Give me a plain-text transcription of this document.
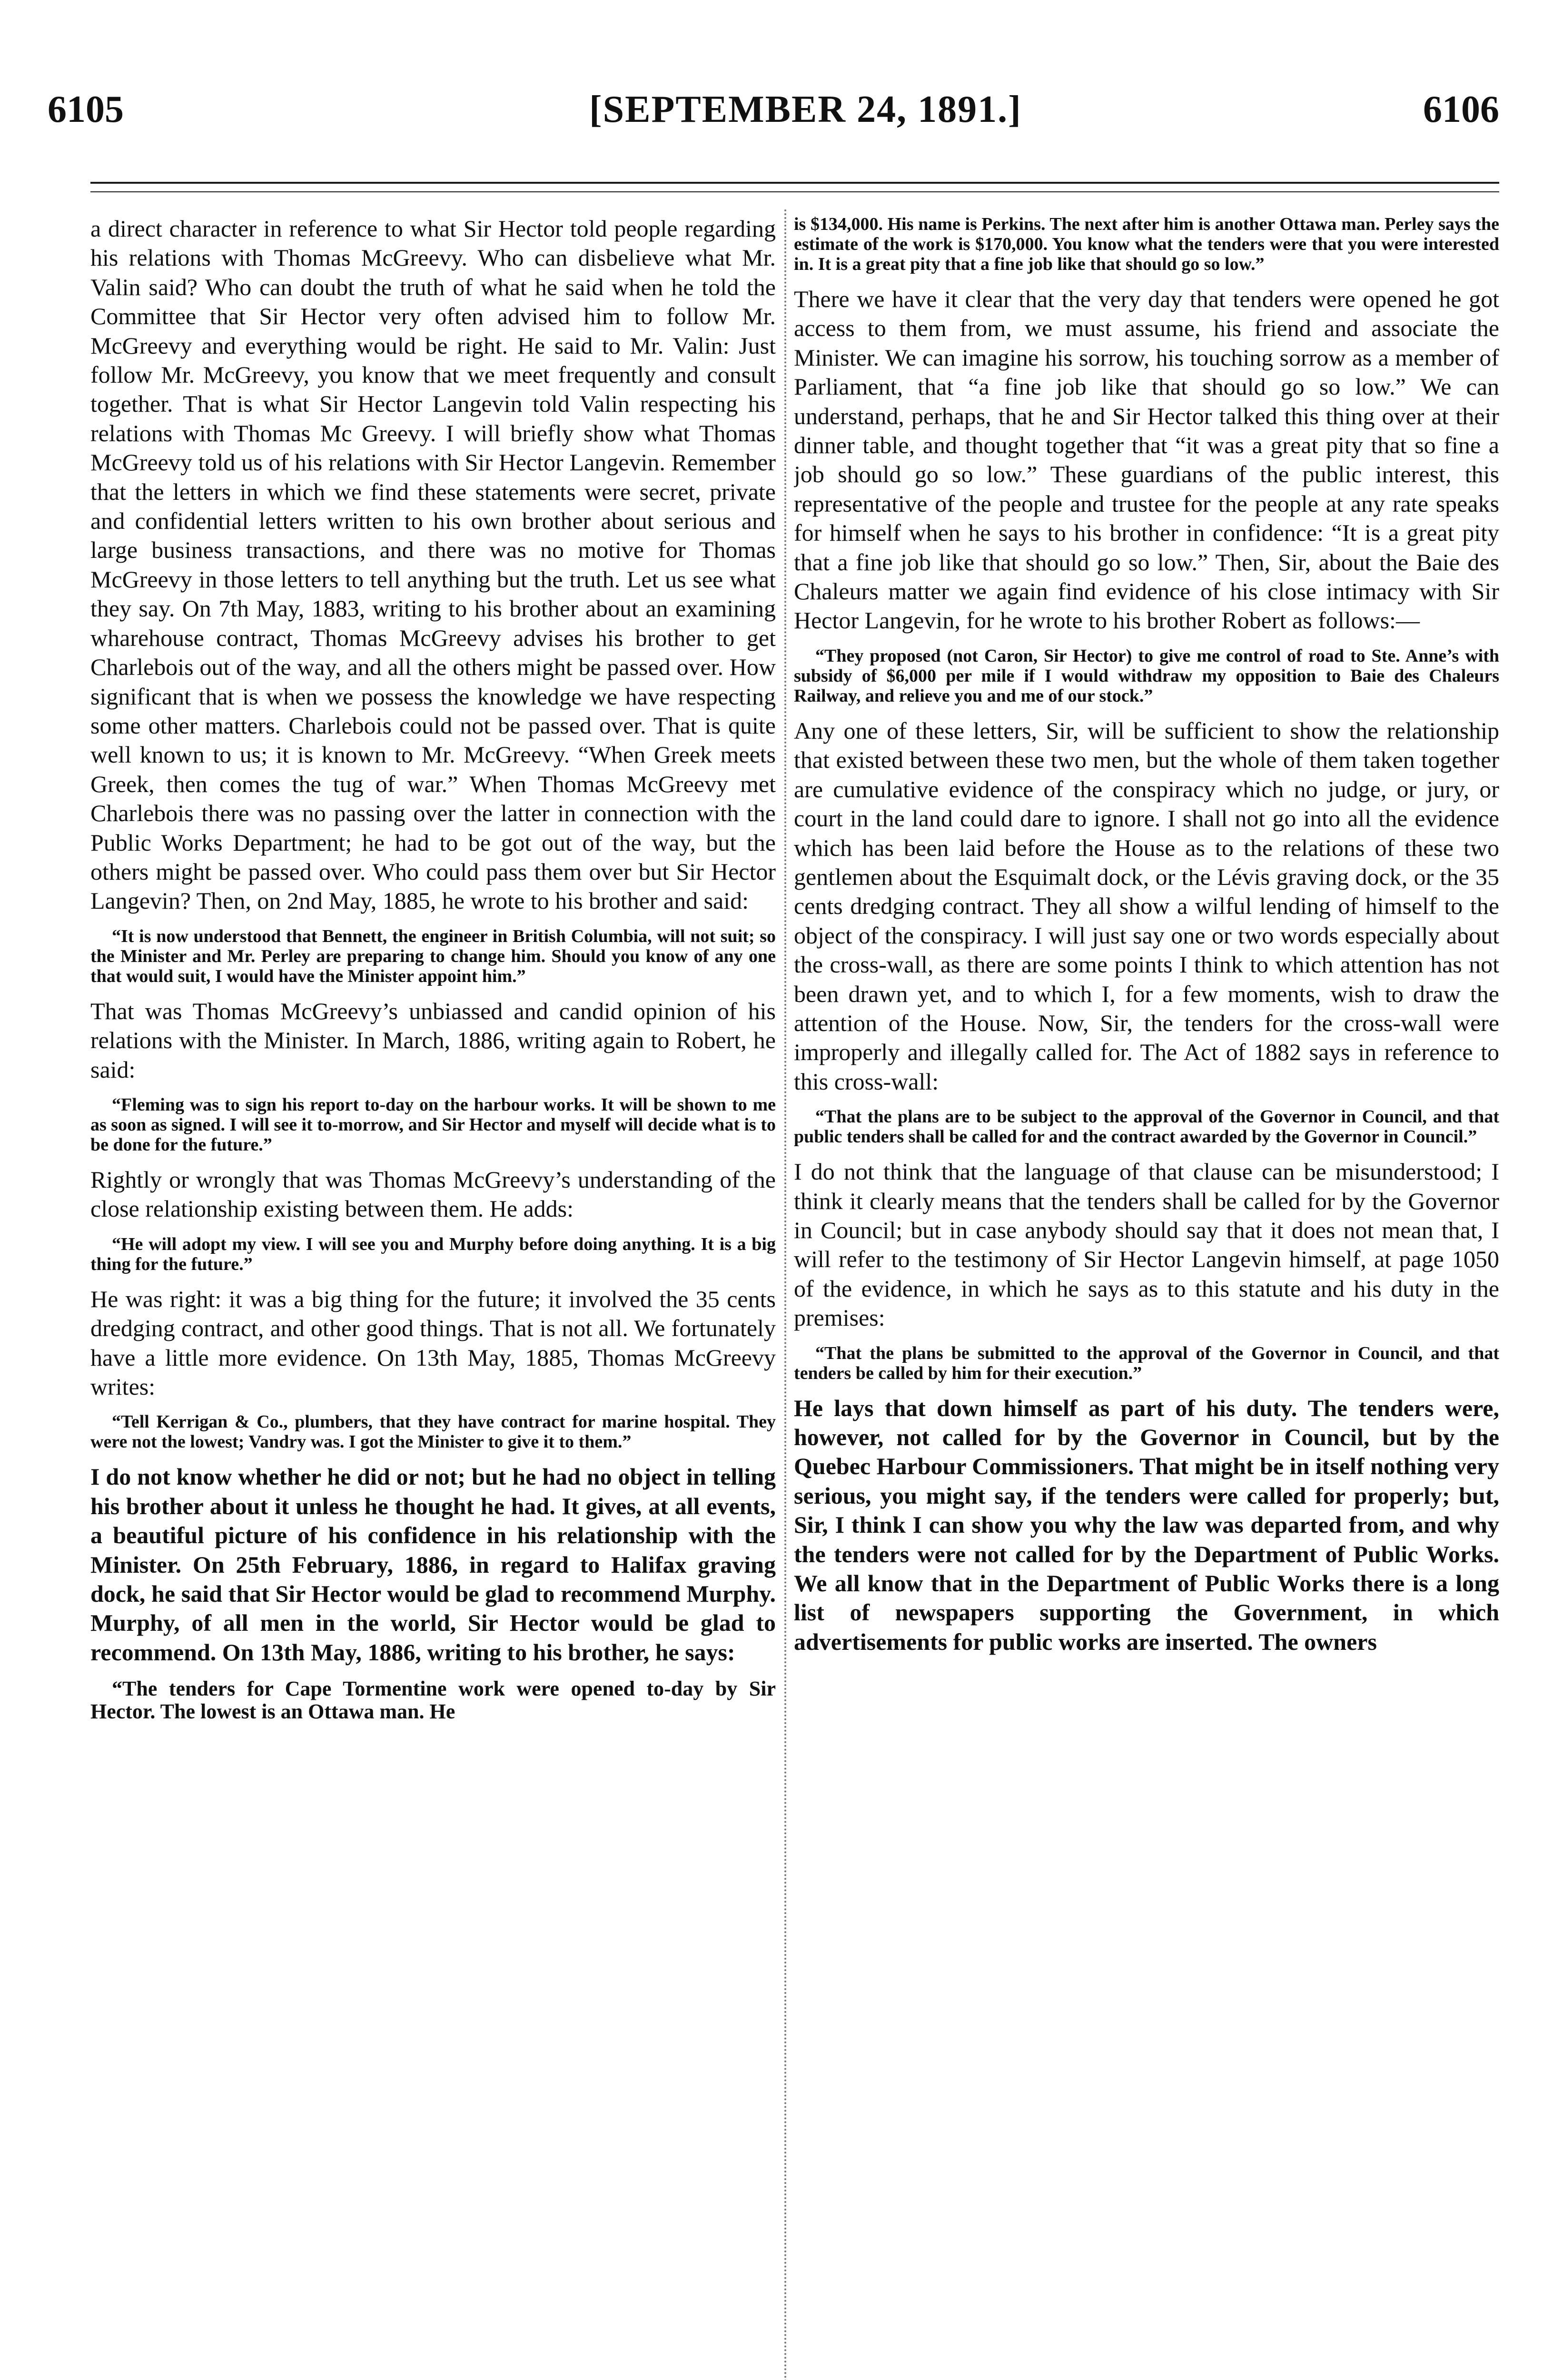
6105	[SEPTEMBER 24, 1891.]	6106

a direct character in reference to what Sir Hector told people regarding his relations with Thomas McGreevy. Who can disbelieve what Mr. Valin said? Who can doubt the truth of what he said when he told the Committee that Sir Hector very often advised him to follow Mr. McGreevy and everything would be right. He said to Mr. Valin: Just follow Mr. McGreevy, you know that we meet frequently and consult together. That is what Sir Hector Langevin told Valin respecting his relations with Thomas Mc Greevy. I will briefly show what Thomas McGreevy told us of his relations with Sir Hector Langevin. Remember that the letters in which we find these statements were secret, private and confidential letters written to his own brother about serious and large business transactions, and there was no motive for Thomas McGreevy in those letters to tell anything but the truth. Let us see what they say. On 7th May, 1883, writing to his brother about an examining wharehouse contract, Thomas McGreevy advises his brother to get Charlebois out of the way, and all the others might be passed over. How significant that is when we possess the knowledge we have respecting some other matters. Charlebois could not be passed over. That is quite well known to us; it is known to Mr. McGreevy. “When Greek meets Greek, then comes the tug of war.” When Thomas McGreevy met Charlebois there was no passing over the latter in connection with the Public Works Department; he had to be got out of the way, but the others might be passed over. Who could pass them over but Sir Hector Langevin? Then, on 2nd May, 1885, he wrote to his brother and said:

“It is now understood that Bennett, the engineer in British Columbia, will not suit; so the Minister and Mr. Perley are preparing to change him. Should you know of any one that would suit, I would have the Minister appoint him.”

That was Thomas McGreevy’s unbiassed and candid opinion of his relations with the Minister. In March, 1886, writing again to Robert, he said:

“Fleming was to sign his report to-day on the harbour works. It will be shown to me as soon as signed. I will see it to-morrow, and Sir Hector and myself will decide what is to be done for the future.”

Rightly or wrongly that was Thomas McGreevy’s understanding of the close relationship existing between them. He adds:

“He will adopt my view. I will see you and Murphy before doing anything. It is a big thing for the future.”

He was right: it was a big thing for the future; it involved the 35 cents dredging contract, and other good things. That is not all. We fortunately have a little more evidence. On 13th May, 1885, Thomas McGreevy writes:

“Tell Kerrigan & Co., plumbers, that they have contract for marine hospital. They were not the lowest; Vandry was. I got the Minister to give it to them.”

I do not know whether he did or not; but he had no object in telling his brother about it unless he thought he had. It gives, at all events, a beautiful picture of his confidence in his relationship with the Minister. On 25th February, 1886, in regard to Halifax graving dock, he said that Sir Hector would be glad to recommend Murphy. Murphy, of all men in the world, Sir Hector would be glad to recommend. On 13th May, 1886, writing to his brother, he says:

“The tenders for Cape Tormentine work were opened to-day by Sir Hector. The lowest is an Ottawa man. He

is $134,000. His name is Perkins. The next after him is another Ottawa man. Perley says the estimate of the work is $170,000. You know what the tenders were that you were interested in. It is a great pity that a fine job like that should go so low.”

There we have it clear that the very day that tenders were opened he got access to them from, we must assume, his friend and associate the Minister. We can imagine his sorrow, his touching sorrow as a member of Parliament, that “a fine job like that should go so low.” We can understand, perhaps, that he and Sir Hector talked this thing over at their dinner table, and thought together that “it was a great pity that so fine a job should go so low.” These guardians of the public interest, this representative of the people and trustee for the people at any rate speaks for himself when he says to his brother in confidence: “It is a great pity that a fine job like that should go so low.” Then, Sir, about the Baie des Chaleurs matter we again find evidence of his close intimacy with Sir Hector Langevin, for he wrote to his brother Robert as follows:—

“They proposed (not Caron, Sir Hector) to give me control of road to Ste. Anne’s with subsidy of $6,000 per mile if I would withdraw my opposition to Baie des Chaleurs Railway, and relieve you and me of our stock.”

Any one of these letters, Sir, will be sufficient to show the relationship that existed between these two men, but the whole of them taken together are cumulative evidence of the conspiracy which no judge, or jury, or court in the land could dare to ignore. I shall not go into all the evidence which has been laid before the House as to the relations of these two gentlemen about the Esquimalt dock, or the Lévis graving dock, or the 35 cents dredging contract. They all show a wilful lending of himself to the object of the conspiracy. I will just say one or two words especially about the cross-wall, as there are some points I think to which attention has not been drawn yet, and to which I, for a few moments, wish to draw the attention of the House. Now, Sir, the tenders for the cross-wall were improperly and illegally called for. The Act of 1882 says in reference to this cross-wall:

“That the plans are to be subject to the approval of the Governor in Council, and that public tenders shall be called for and the contract awarded by the Governor in Council.”

I do not think that the language of that clause can be misunderstood; I think it clearly means that the tenders shall be called for by the Governor in Council; but in case anybody should say that it does not mean that, I will refer to the testimony of Sir Hector Langevin himself, at page 1050 of the evidence, in which he says as to this statute and his duty in the premises:

“That the plans be submitted to the approval of the Governor in Council, and that tenders be called by him for their execution.”

He lays that down himself as part of his duty. The tenders were, however, not called for by the Governor in Council, but by the Quebec Harbour Commissioners. That might be in itself nothing very serious, you might say, if the tenders were called for properly; but, Sir, I think I can show you why the law was departed from, and why the tenders were not called for by the Department of Public Works. We all know that in the Department of Public Works there is a long list of newspapers supporting the Government, in which advertisements for public works are inserted. The owners
